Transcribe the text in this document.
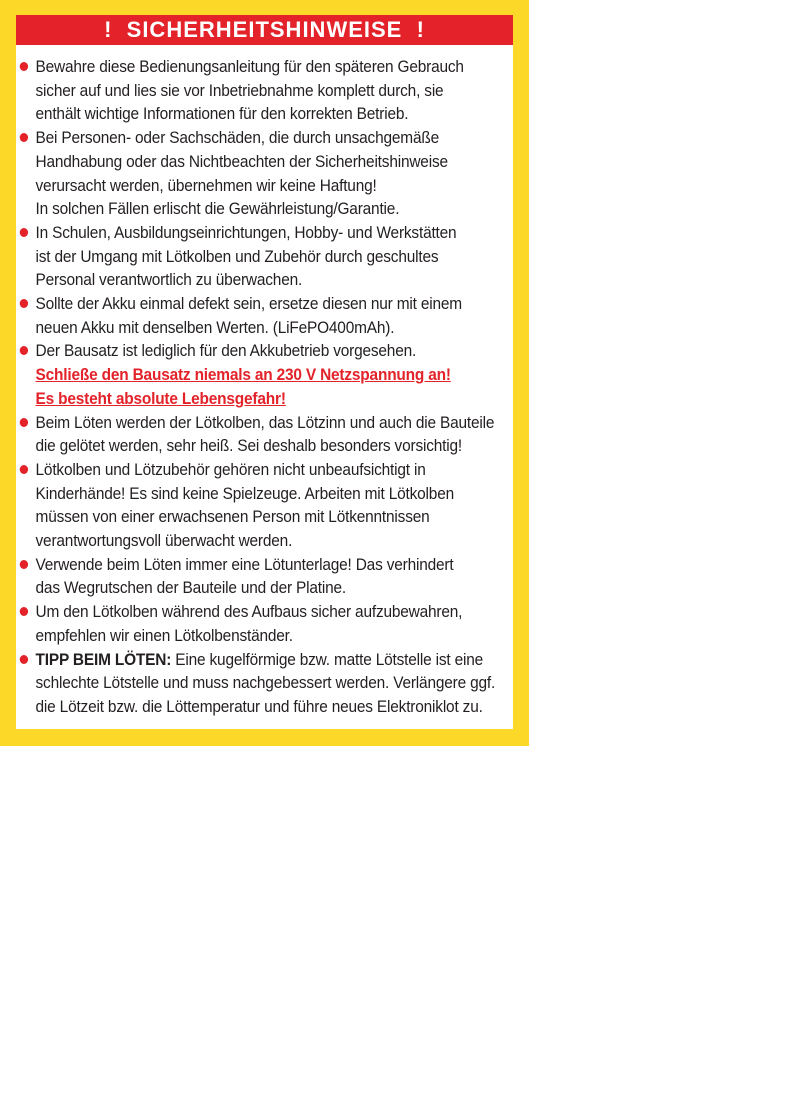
!  SICHERHEITSHINWEISE  !
Bewahre diese Bedienungsanleitung für den späteren Gebrauch
sicher auf und lies sie vor Inbetriebnahme komplett durch, sie
enthält wichtige Informationen für den korrekten Betrieb.
Bei Personen- oder Sachschäden, die durch unsachgemäße
Handhabung oder das Nichtbeachten der Sicherheitshinweise
verursacht werden, übernehmen wir keine Haftung!
In solchen Fällen erlischt die Gewährleistung/Garantie.
In Schulen, Ausbildungseinrichtungen, Hobby- und Werkstätten
ist der Umgang mit Lötkolben und Zubehör durch geschultes
Personal verantwortlich zu überwachen.
Sollte der Akku einmal defekt sein, ersetze diesen nur mit einem
neuen Akku mit denselben Werten. (LiFePO400mAh).
Der Bausatz ist lediglich für den Akkubetrieb vorgesehen.
Schließe den Bausatz niemals an 230 V Netzspannung an!
Es besteht absolute Lebensgefahr!
Beim Löten werden der Lötkolben, das Lötzinn und auch die Bauteile
die gelötet werden, sehr heiß. Sei deshalb besonders vorsichtig!
Lötkolben und Lötzubehör gehören nicht unbeaufsichtigt in
Kinderhände! Es sind keine Spielzeuge. Arbeiten mit Lötkolben
müssen von einer erwachsenen Person mit Lötkenntnissen
verantwortungsvoll überwacht werden.
Verwende beim Löten immer eine Lötunterlage! Das verhindert
das Wegrutschen der Bauteile und der Platine.
Um den Lötkolben während des Aufbaus sicher aufzubewahren,
empfehlen wir einen Lötkolbenständer.
TIPP BEIM LÖTEN: Eine kugelförmige bzw. matte Lötstelle ist eine
schlechte Lötstelle und muss nachgebessert werden. Verlängere ggf.
die Lötzeit bzw. die Löttemperatur und führe neues Elektroniklot zu.
